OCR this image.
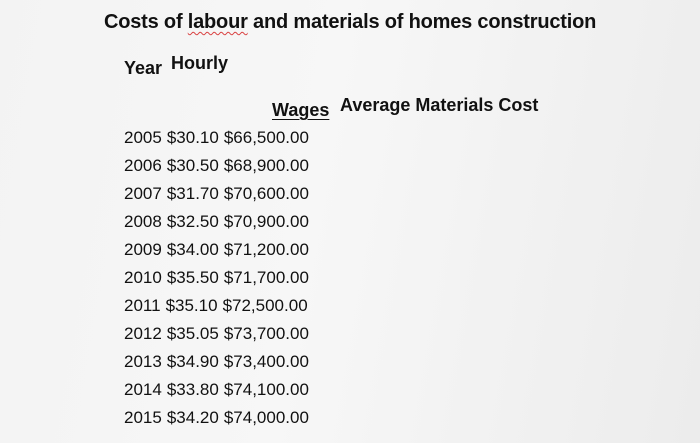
Costs of labour and materials of homes construction
Year Hourly
Wages Average Materials Cost
2005 $30.10 $66,500.00
2006 $30.50 $68,900.00
2007 $31.70 $70,600.00
2008 $32.50 $70,900.00
2009 $34.00 $71,200.00
2010 $35.50 $71,700.00
2011 $35.10 $72,500.00
2012 $35.05 $73,700.00
2013 $34.90 $73,400.00
2014 $33.80 $74,100.00
2015 $34.20 $74,000.00
